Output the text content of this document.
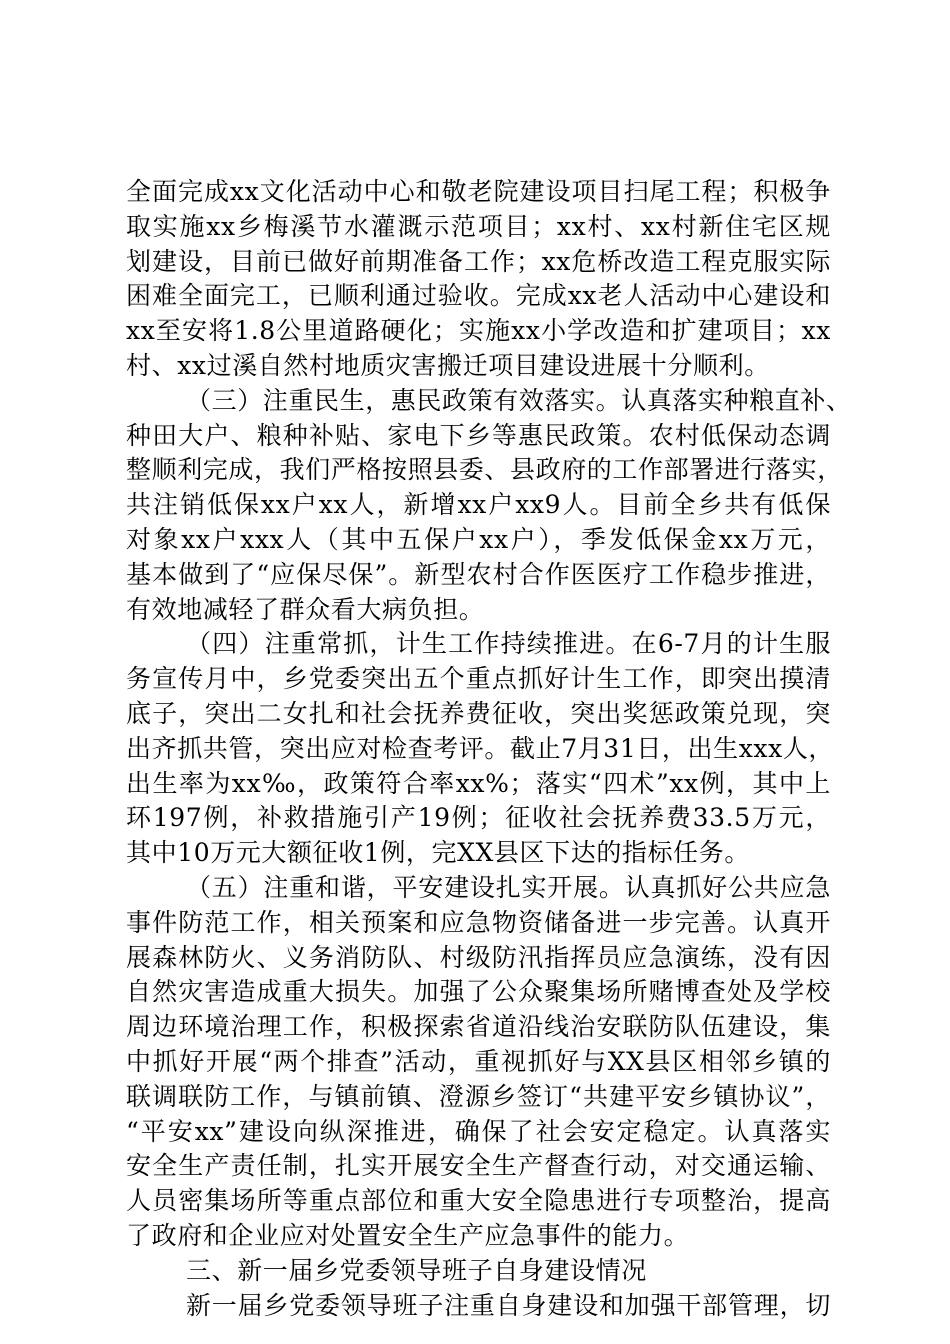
全面完成xx文化活动中心和敬老院建设项目扫尾工程；积极争
取实施xx乡梅溪节水灌溉示范项目；xx村、xx村新住宅区规
划建设，目前已做好前期准备工作；xx危桥改造工程克服实际
困难全面完工，已顺利通过验收。完成xx老人活动中心建设和
xx至安将1.8公里道路硬化；实施xx小学改造和扩建项目；xx
村、xx过溪自然村地质灾害搬迁项目建设进展十分顺利。
（三）注重民生，惠民政策有效落实。认真落实种粮直补、
种田大户、粮种补贴、家电下乡等惠民政策。农村低保动态调
整顺利完成，我们严格按照县委、县政府的工作部署进行落实，
共注销低保xx户xx人，新增xx户xx9人。目前全乡共有低保
对象xx户xxx人（其中五保户xx户），季发低保金xx万元，
基本做到了“应保尽保”。新型农村合作医医疗工作稳步推进，
有效地减轻了群众看大病负担。
（四）注重常抓，计生工作持续推进。在6-7月的计生服
务宣传月中，乡党委突出五个重点抓好计生工作，即突出摸清
底子，突出二女扎和社会抚养费征收，突出奖惩政策兑现，突
出齐抓共管，突出应对检查考评。截止7月31日，出生xxx人，
出生率为xx‰，政策符合率xx%；落实“四术”xx例，其中上
环197例，补救措施引产19例；征收社会抚养费33.5万元，
其中10万元大额征收1例，完XX县区下达的指标任务。
（五）注重和谐，平安建设扎实开展。认真抓好公共应急
事件防范工作，相关预案和应急物资储备进一步完善。认真开
展森林防火、义务消防队、村级防汛指挥员应急演练，没有因
自然灾害造成重大损失。加强了公众聚集场所赌博查处及学校
周边环境治理工作，积极探索省道沿线治安联防队伍建设，集
中抓好开展“两个排查”活动，重视抓好与XX县区相邻乡镇的
联调联防工作，与镇前镇、澄源乡签订“共建平安乡镇协议”，
“平安xx”建设向纵深推进，确保了社会安定稳定。认真落实
安全生产责任制，扎实开展安全生产督查行动，对交通运输、
人员密集场所等重点部位和重大安全隐患进行专项整治，提高
了政府和企业应对处置安全生产应急事件的能力。
三、新一届乡党委领导班子自身建设情况
新一届乡党委领导班子注重自身建设和加强干部管理，切
